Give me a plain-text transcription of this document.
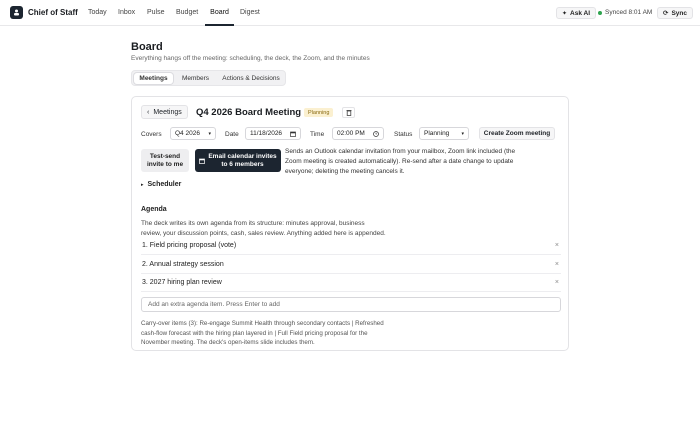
Chief of Staff Today Inbox Pulse Budget	Board	Digest	✦ Ask AI Synced 8:01 AM ⟳ Sync
Board
Everything hangs off the meeting: scheduling, the deck, the Zoom, and the minutes
Meetings	Members	Actions & Decisions
‹ Meetings Q4 2026 Board Meeting	Planning
Covers Q4 2026 ▾ Date 11/18/2026	Time 02:00 PM	Status Planning ▾	Create Zoom meeting
Test-send invite to me
Email calendar invites to 6 members
Sends an Outlook calendar invitation from your mailbox, Zoom link included (the Zoom meeting is created automatically). Re-send after a date change to update everyone; deleting the meeting cancels it.
▸ Scheduler
Agenda
The deck writes its own agenda from its structure: minutes approval, business review, your discussion points, cash, sales review. Anything added here is appended.
1. Field pricing proposal (vote)	×
2. Annual strategy session	×
3. 2027 hiring plan review	×
Add an extra agenda item. Press Enter to add
Carry-over items (3): Re-engage Summit Health through secondary contacts | Refreshed cash-flow forecast with the hiring plan layered in | Full Field pricing proposal for the November meeting. The deck's open-items slide includes them.
